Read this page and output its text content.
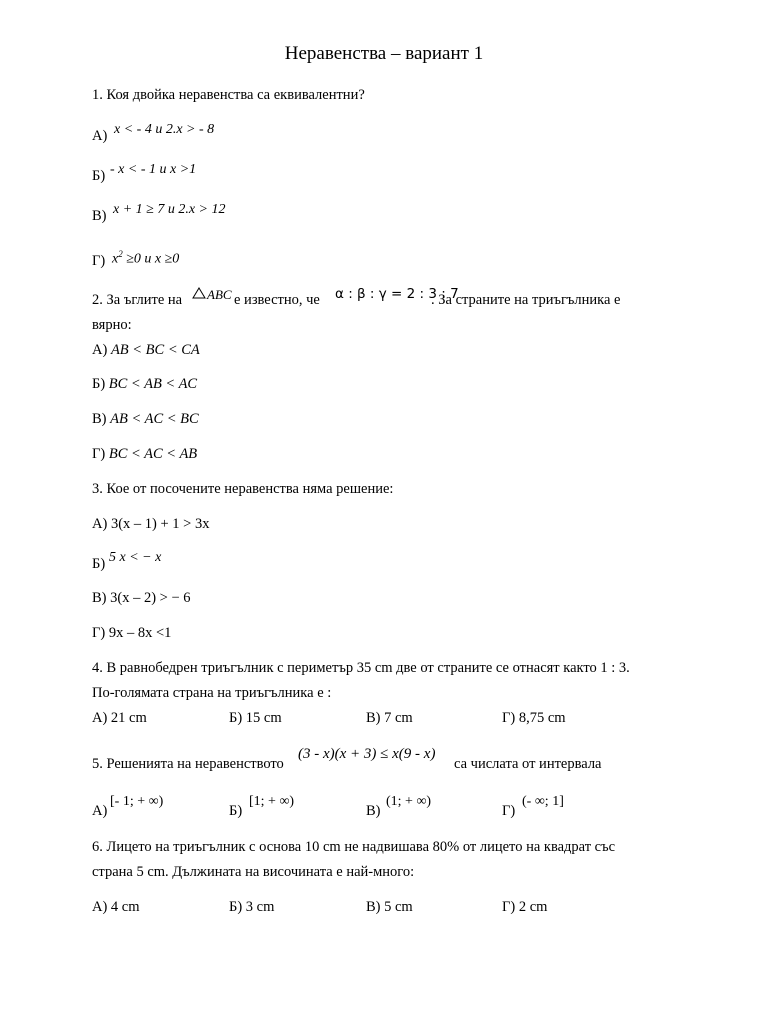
Неравенства – вариант 1
1. Коя двойка неравенства са еквивалентни?
А) x < - 4 и 2.x > - 8
Б) - x < - 1 и x >1
В) x + 1 ≥ 7 и 2.x > 12
Г) $x^2 \ge 0$ и x ≥0
2. За ъглите на ABC е известно, че α : β : γ = 2 : 3 : 7
. За страните на триъгълника е
вярно:
А) AB < BC < CA
Б) BC < AB < AC
В) AB < AC < BC
Г) BC < AC < AB
3. Кое от посочените неравенства няма решение:
А) 3(x – 1) + 1 > 3x
Б) 5 x < − x
В) 3(x – 2) > − 6
Г) 9x – 8x <1
4. В равнобедрен триъгълник с периметър 35 cm две от страните се отнасят както 1 : 3.
По-голямата страна на триъгълника е :
А) 21 cm	Б) 15 cm	В) 7 cm	Г) 8,75 cm
5. Решенията на неравенството
(3 - x)(x + 3) ≤ x(9 - x)
са числата от интервала
А)
[- 1; + ∞)
Б)
[1; + ∞)
В)
(1; + ∞)
Г)
(- ∞; 1]
6. Лицето на триъгълник с основа 10 cm не надвишава 80% от лицето на квадрат със
страна 5 cm. Дължината на височината е най-много:
А) 4 cm	Б) 3 cm	В) 5 cm	Г) 2 cm
